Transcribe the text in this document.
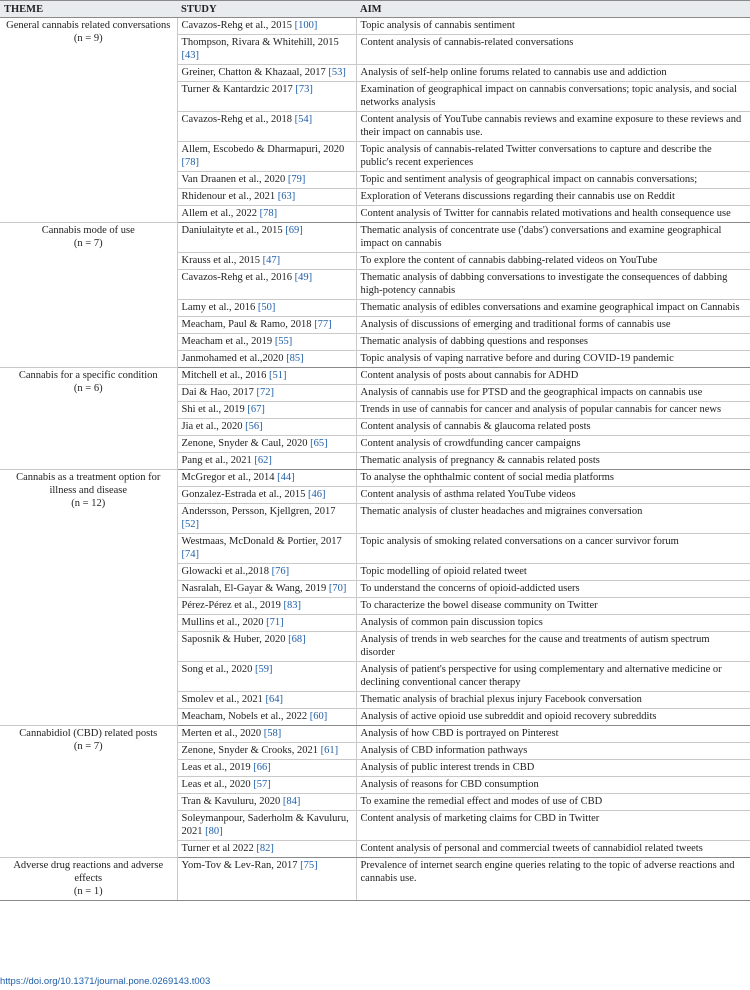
THEME	STUDY	AIM

General cannabis related conversations
(n = 9)	Cavazos-Rehg et al., 2015 [100]	Topic analysis of cannabis sentiment
	Thompson, Rivara & Whitehill, 2015 [43]	Content analysis of cannabis-related conversations
	Greiner, Chatton & Khazaal, 2017 [53]	Analysis of self-help online forums related to cannabis use and addiction
	Turner & Kantardzic 2017 [73]	Examination of geographical impact on cannabis conversations; topic analysis, and social networks analysis
	Cavazos-Rehg et al., 2018 [54]	Content analysis of YouTube cannabis reviews and examine exposure to these reviews and their impact on cannabis use.
	Allem, Escobedo & Dharmapuri, 2020 [78]	Topic analysis of cannabis-related Twitter conversations to capture and describe the public's recent experiences
	Van Draanen et al., 2020 [79]	Topic and sentiment analysis of geographical impact on cannabis conversations;
	Rhidenour et al., 2021 [63]	Exploration of Veterans discussions regarding their cannabis use on Reddit
	Allem et al., 2022 [78]	Content analysis of Twitter for cannabis related motivations and health consequence use

Cannabis mode of use
(n = 7)	Daniulaityte et al., 2015 [69]	Thematic analysis of concentrate use ('dabs') conversations and examine geographical impact on cannabis
	Krauss et al., 2015 [47]	To explore the content of cannabis dabbing-related videos on YouTube
	Cavazos-Rehg et al., 2016 [49]	Thematic analysis of dabbing conversations to investigate the consequences of dabbing high-potency cannabis
	Lamy et al., 2016 [50]	Thematic analysis of edibles conversations and examine geographical impact on Cannabis
	Meacham, Paul & Ramo, 2018 [77]	Analysis of discussions of emerging and traditional forms of cannabis use
	Meacham et al., 2019 [55]	Thematic analysis of dabbing questions and responses
	Janmohamed et al.,2020 [85]	Topic analysis of vaping narrative before and during COVID-19 pandemic

Cannabis for a specific condition
(n = 6)	Mitchell et al., 2016 [51]	Content analysis of posts about cannabis for ADHD
	Dai & Hao, 2017 [72]	Analysis of cannabis use for PTSD and the geographical impacts on cannabis use
	Shi et al., 2019 [67]	Trends in use of cannabis for cancer and analysis of popular cannabis for cancer news
	Jia et al., 2020 [56]	Content analysis of cannabis & glaucoma related posts
	Zenone, Snyder & Caul, 2020 [65]	Content analysis of crowdfunding cancer campaigns
	Pang et al., 2021 [62]	Thematic analysis of pregnancy & cannabis related posts

Cannabis as a treatment option for illness and disease
(n = 12)	McGregor et al., 2014 [44]	To analyse the ophthalmic content of social media platforms
	Gonzalez-Estrada et al., 2015 [46]	Content analysis of asthma related YouTube videos
	Andersson, Persson, Kjellgren, 2017 [52]	Thematic analysis of cluster headaches and migraines conversation
	Westmaas, McDonald & Portier, 2017 [74]	Topic analysis of smoking related conversations on a cancer survivor forum
	Glowacki et al.,2018 [76]	Topic modelling of opioid related tweet
	Nasralah, El-Gayar & Wang, 2019 [70]	To understand the concerns of opioid-addicted users
	Pérez-Pérez et al., 2019 [83]	To characterize the bowel disease community on Twitter
	Mullins et al., 2020 [71]	Analysis of common pain discussion topics
	Saposnik & Huber, 2020 [68]	Analysis of trends in web searches for the cause and treatments of autism spectrum disorder
	Song et al., 2020 [59]	Analysis of patient's perspective for using complementary and alternative medicine or declining conventional cancer therapy
	Smolev et al., 2021 [64]	Thematic analysis of brachial plexus injury Facebook conversation
	Meacham, Nobels et al., 2022 [60]	Analysis of active opioid use subreddit and opioid recovery subreddits

Cannabidiol (CBD) related posts
(n = 7)	Merten et al., 2020 [58]	Analysis of how CBD is portrayed on Pinterest
	Zenone, Snyder & Crooks, 2021 [61]	Analysis of CBD information pathways
	Leas et al., 2019 [66]	Analysis of public interest trends in CBD
	Leas et al., 2020 [57]	Analysis of reasons for CBD consumption
	Tran & Kavuluru, 2020 [84]	To examine the remedial effect and modes of use of CBD
	Soleymanpour, Saderholm & Kavuluru, 2021 [80]	Content analysis of marketing claims for CBD in Twitter
	Turner et al 2022 [82]	Content analysis of personal and commercial tweets of cannabidiol related tweets

Adverse drug reactions and adverse effects
(n = 1)	Yom-Tov & Lev-Ran, 2017 [75]	Prevalence of internet search engine queries relating to the topic of adverse reactions and cannabis use.
https://doi.org/10.1371/journal.pone.0269143.t003
